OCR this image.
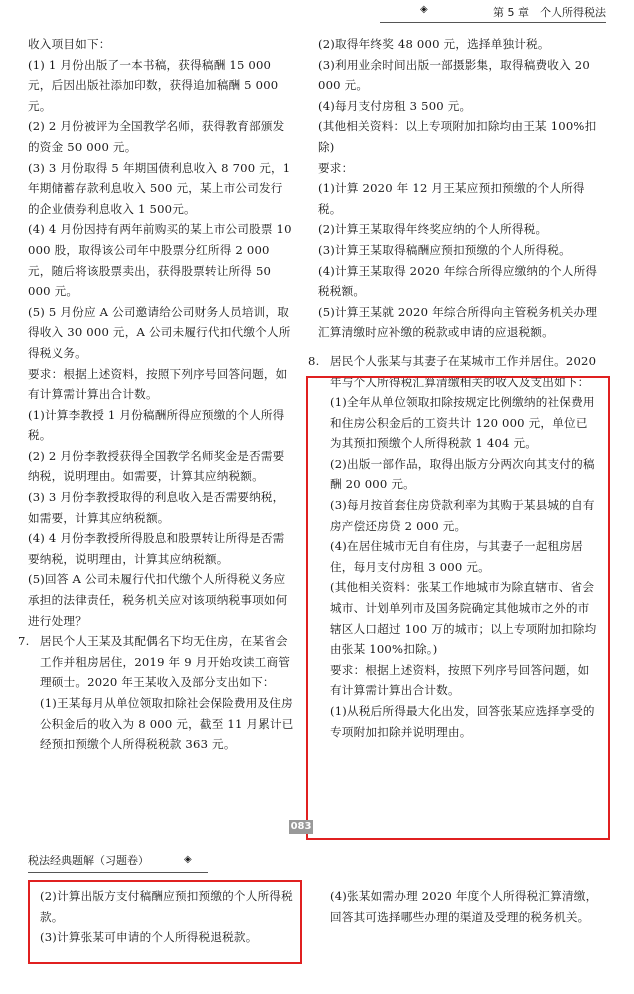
◈	第 5 章　个人所得税法

收入项目如下：

(1) 1 月份出版了一本书稿，获得稿酬 15 000元，后因出版社添加印数，获得追加稿酬 5 000 元。

(2) 2 月份被评为全国教学名师，获得教育部颁发的资金 50 000 元。

(3) 3 月份取得 5 年期国债利息收入 8 700 元，1 年期储蓄存款利息收入 500 元，某上市公司发行的企业债券利息收入 1 500元。

(4) 4 月份因持有两年前购买的某上市公司股票 10 000 股，取得该公司年中股票分红所得 2 000 元，随后将该股票卖出，获得股票转让所得 50 000 元。

(5) 5 月份应 A 公司邀请给公司财务人员培训，取得收入 30 000 元，A 公司未履行代扣代缴个人所得税义务。

要求：根据上述资料，按照下列序号回答问题，如有计算需计算出合计数。

(1)计算李教授 1 月份稿酬所得应预缴的个人所得税。

(2) 2 月份李教授获得全国教学名师奖金是否需要纳税，说明理由。如需要，计算其应纳税额。

(3) 3 月份李教授取得的利息收入是否需要纳税，如需要，计算其应纳税额。

(4) 4 月份李教授所得股息和股票转让所得是否需要纳税，说明理由，计算其应纳税额。

(5)回答 A 公司未履行代扣代缴个人所得税义务应承担的法律责任，税务机关应对该项纳税事项如何进行处理？

7. 居民个人王某及其配偶名下均无住房，在某省会工作并租房居住，2019 年 9 月开始攻读工商管理硕士。2020 年王某收入及部分支出如下：

(1)王某每月从单位领取扣除社会保险费用及住房公积金后的收入为 8 000 元，截至 11 月累计已经预扣预缴个人所得税税款 363 元。

(2)取得年终奖 48 000 元，选择单独计税。

(3)利用业余时间出版一部摄影集，取得稿费收入 20 000 元。

(4)每月支付房租 3 500 元。

(其他相关资料：以上专项附加扣除均由王某 100%扣除)

要求：

(1)计算 2020 年 12 月王某应预扣预缴的个人所得税。

(2)计算王某取得年终奖应纳的个人所得税。

(3)计算王某取得稿酬应预扣预缴的个人所得税。

(4)计算王某取得 2020 年综合所得应缴纳的个人所得税税额。

(5)计算王某就 2020 年综合所得向主管税务机关办理汇算清缴时应补缴的税款或申请的应退税额。

8. 居民个人张某与其妻子在某城市工作并居住。2020 年与个人所得税汇算清缴相关的收入及支出如下：

(1)全年从单位领取扣除按规定比例缴纳的社保费用和住房公积金后的工资共计 120 000 元，单位已为其预扣预缴个人所得税款 1 404 元。

(2)出版一部作品，取得出版方分两次向其支付的稿酬 20 000 元。

(3)每月按首套住房贷款利率为其购于某县城的自有房产偿还房贷 2 000 元。

(4)在居住城市无自有住房，与其妻子一起租房居住，每月支付房租 3 000 元。

(其他相关资料：张某工作地城市为除直辖市、省会城市、计划单列市及国务院确定其他城市之外的市辖区人口超过 100 万的城市；以上专项附加扣除均由张某 100%扣除。)

要求：根据上述资料，按照下列序号回答问题，如有计算需计算出合计数。

(1)从税后所得最大化出发，回答张某应选择享受的专项附加扣除并说明理由。

083
税法经典题解（习题卷）	◈

(2)计算出版方支付稿酬应预扣预缴的个人所得税款。

(3)计算张某可申请的个人所得税退税款。

(4)张某如需办理 2020 年度个人所得税汇算清缴，回答其可选择哪些办理的渠道及受理的税务机关。
